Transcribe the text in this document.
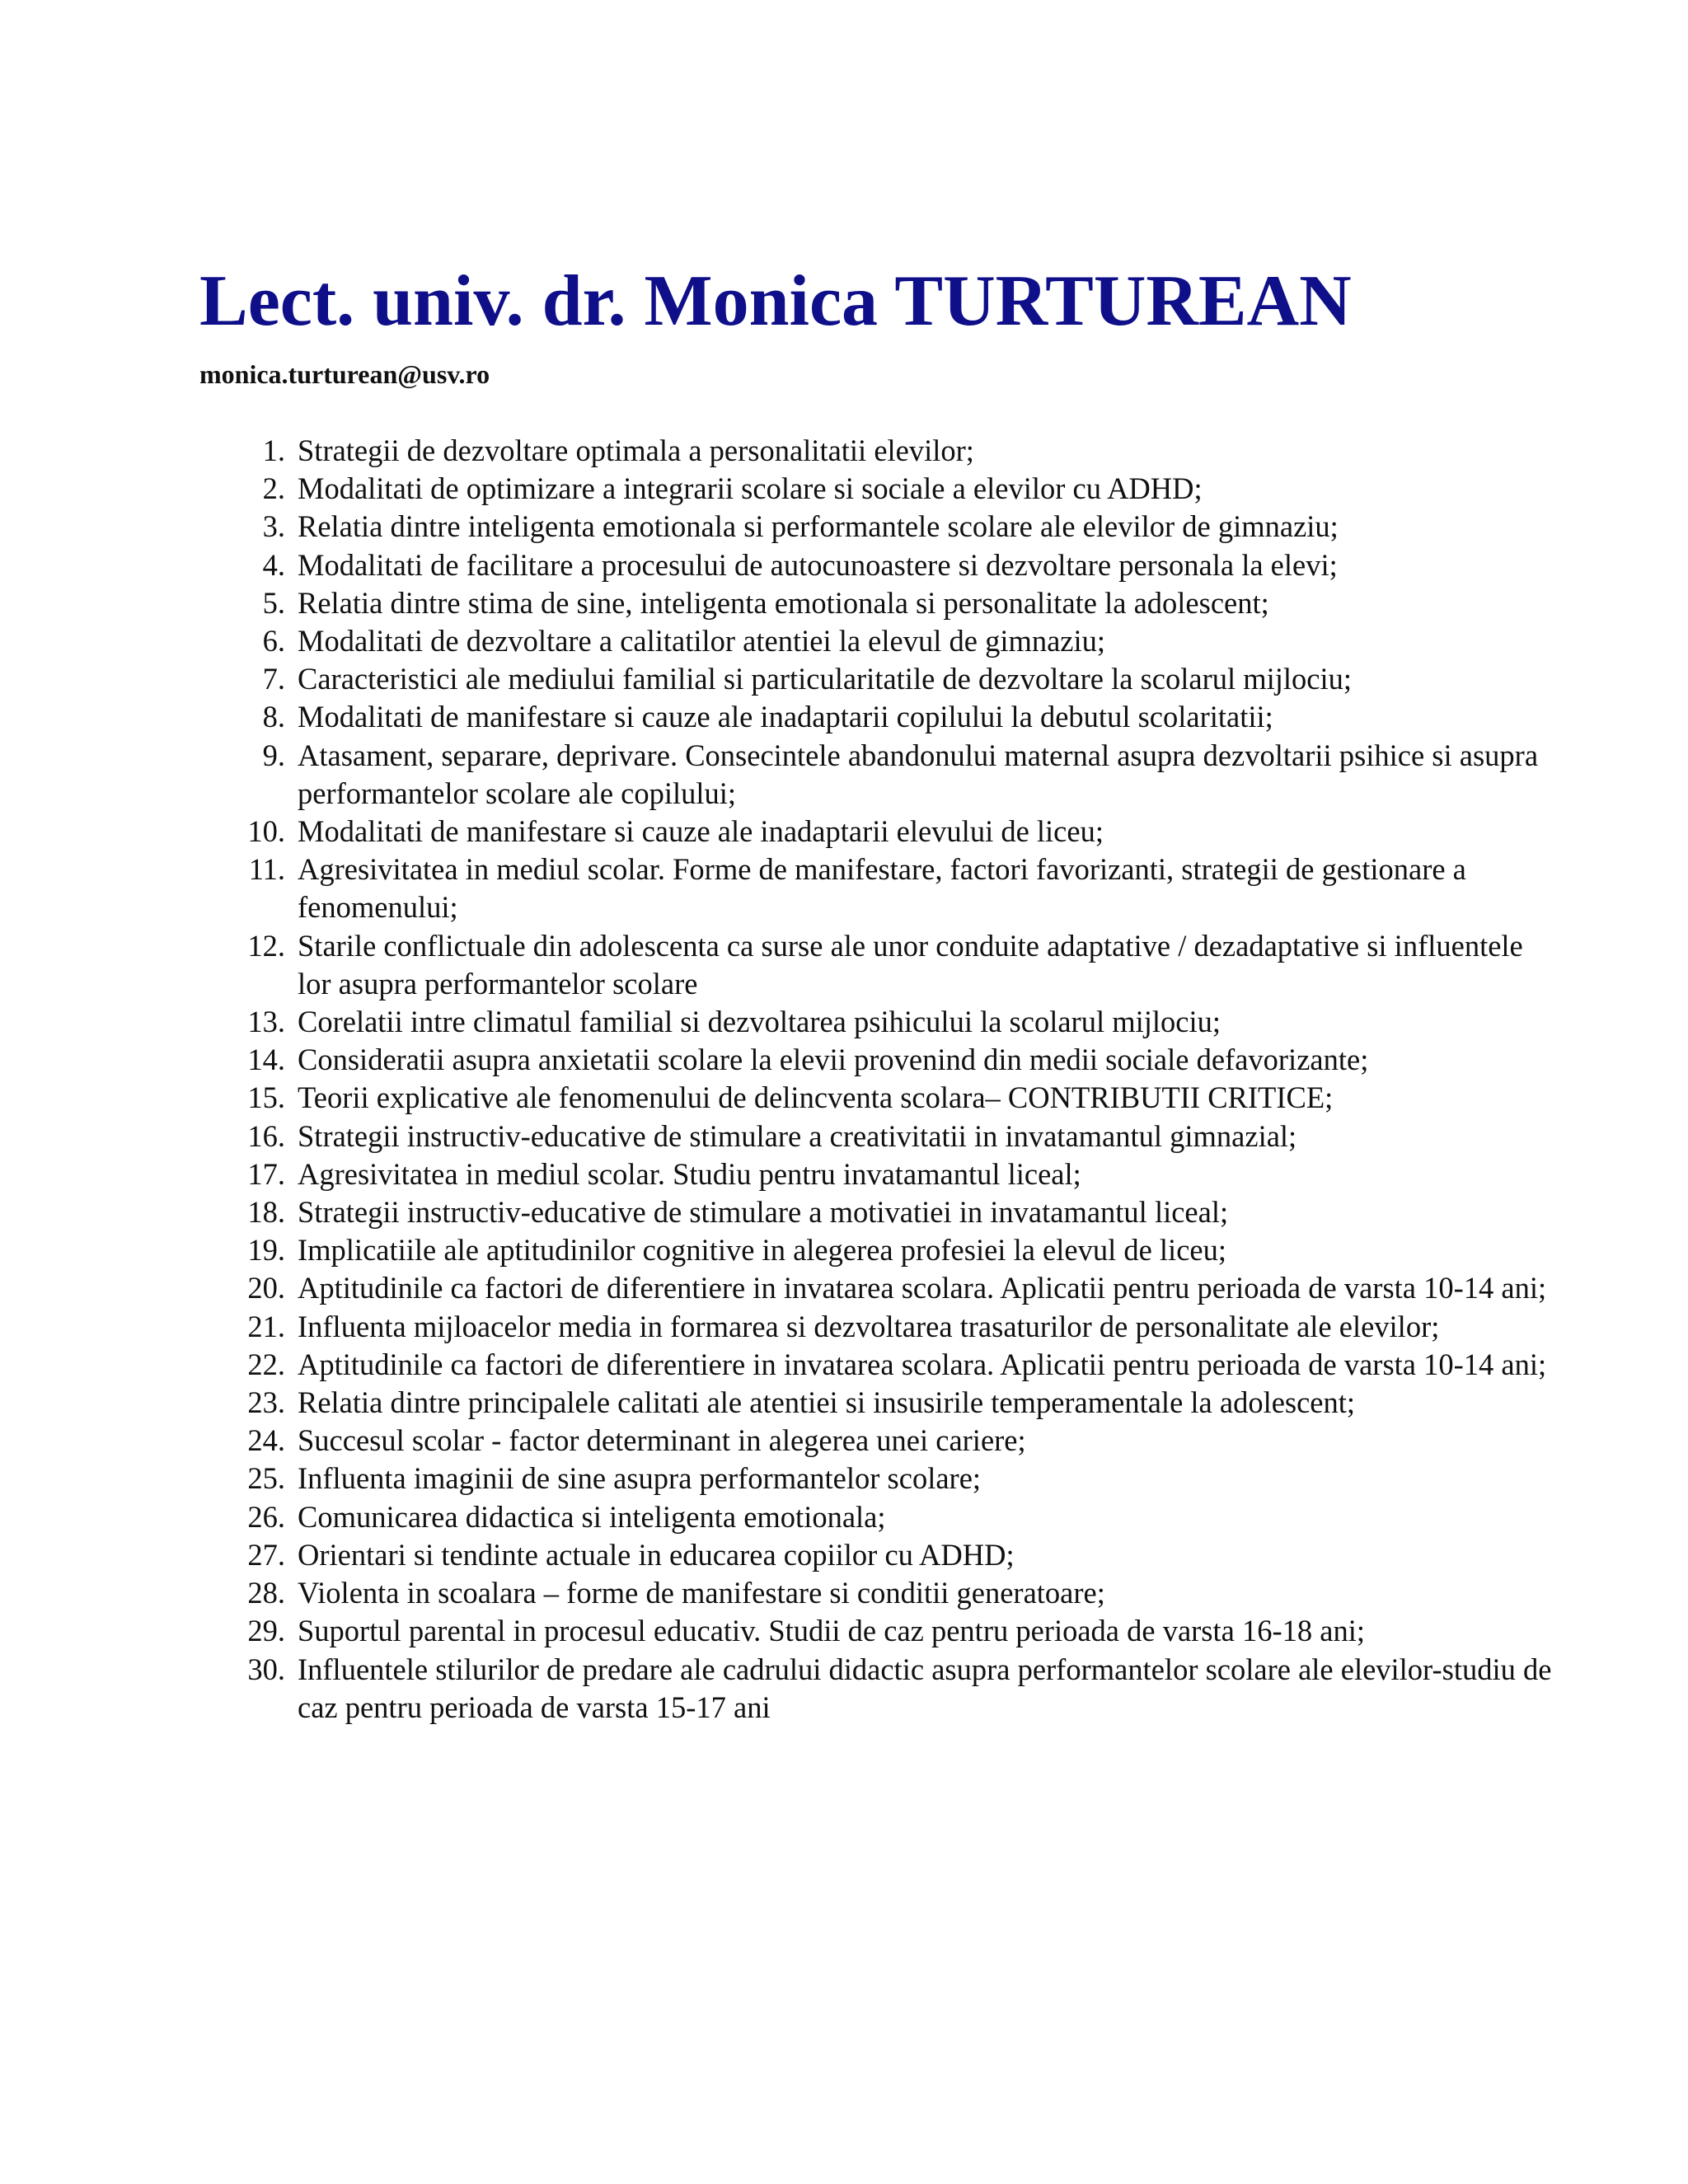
Lect. univ. dr. Monica TURTUREAN
monica.turturean@usv.ro
1. Strategii de dezvoltare optimala a personalitatii elevilor;
2. Modalitati de optimizare a integrarii scolare si sociale a elevilor cu ADHD;
3. Relatia dintre inteligenta emotionala si performantele scolare ale elevilor de gimnaziu;
4. Modalitati de facilitare a procesului de autocunoastere si dezvoltare personala la elevi;
5. Relatia dintre stima de sine, inteligenta emotionala si personalitate la adolescent;
6. Modalitati de dezvoltare a calitatilor atentiei la elevul de gimnaziu;
7. Caracteristici ale mediului familial si particularitatile de dezvoltare la scolarul mijlociu;
8. Modalitati de manifestare si cauze ale inadaptarii copilului la debutul scolaritatii;
9. Atasament, separare, deprivare. Consecintele abandonului maternal asupra dezvoltarii psihice si asupra performantelor scolare ale copilului;
10. Modalitati de manifestare si cauze ale inadaptarii elevului de liceu;
11. Agresivitatea in mediul scolar. Forme de manifestare, factori favorizanti, strategii de gestionare a fenomenului;
12. Starile conflictuale din adolescenta ca surse ale unor conduite adaptative / dezadaptative si influentele lor asupra performantelor scolare
13. Corelatii intre climatul familial si dezvoltarea psihicului la scolarul mijlociu;
14. Consideratii asupra anxietatii scolare la elevii provenind din medii sociale defavorizante;
15. Teorii explicative ale fenomenului de delincventa scolara– CONTRIBUTII CRITICE;
16. Strategii instructiv-educative de stimulare a creativitatii in invatamantul gimnazial;
17. Agresivitatea in mediul scolar. Studiu pentru invatamantul liceal;
18. Strategii instructiv-educative de stimulare a motivatiei in invatamantul liceal;
19. Implicatiile ale aptitudinilor cognitive in alegerea profesiei la elevul de liceu;
20. Aptitudinile ca factori de diferentiere in invatarea scolara. Aplicatii pentru perioada de varsta 10-14 ani;
21. Influenta mijloacelor media in formarea si dezvoltarea trasaturilor de personalitate ale elevilor;
22. Aptitudinile ca factori de diferentiere in invatarea scolara. Aplicatii pentru perioada de varsta 10-14 ani;
23. Relatia dintre principalele calitati ale atentiei si insusirile temperamentale la adolescent;
24. Succesul scolar - factor determinant in alegerea unei cariere;
25. Influenta imaginii de sine asupra performantelor scolare;
26. Comunicarea didactica si inteligenta emotionala;
27. Orientari si tendinte actuale in educarea copiilor cu ADHD;
28. Violenta in scoalara – forme de manifestare si conditii generatoare;
29. Suportul parental in procesul educativ. Studii de caz pentru perioada de varsta 16-18 ani;
30. Influentele stilurilor de predare ale cadrului didactic asupra performantelor scolare ale elevilor-studiu de caz pentru perioada de varsta 15-17 ani
